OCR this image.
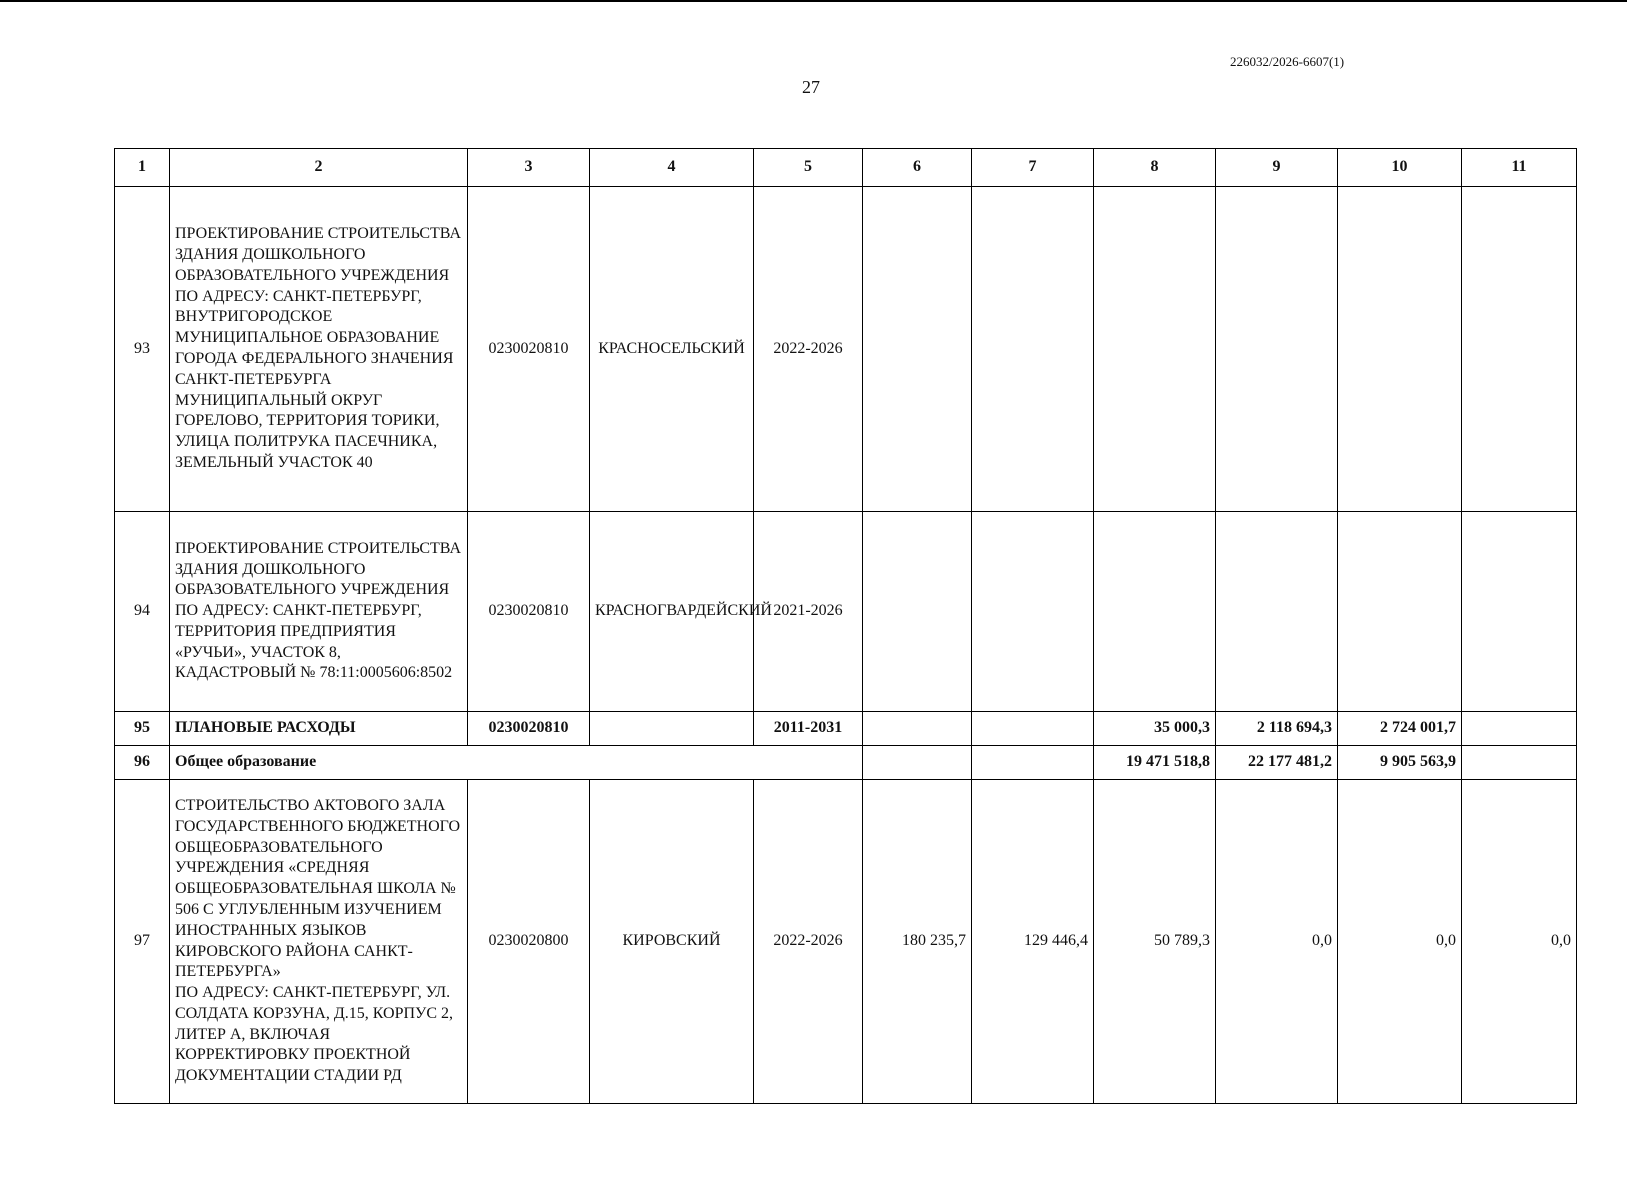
226032/2026-6607(1)
27
1	2	3	4	5	6	7	8	9	10	11
93	ПРОЕКТИРОВАНИЕ СТРОИТЕЛЬСТВА ЗДАНИЯ ДОШКОЛЬНОГО ОБРАЗОВАТЕЛЬНОГО УЧРЕЖДЕНИЯ ПО АДРЕСУ: САНКТ-ПЕТЕРБУРГ, ВНУТРИГОРОДСКОЕ МУНИЦИПАЛЬНОЕ ОБРАЗОВАНИЕ ГОРОДА ФЕДЕРАЛЬНОГО ЗНАЧЕНИЯ САНКТ-ПЕТЕРБУРГА МУНИЦИПАЛЬНЫЙ ОКРУГ ГОРЕЛОВО, ТЕРРИТОРИЯ ТОРИКИ, УЛИЦА ПОЛИТРУКА ПАСЕЧНИКА, ЗЕМЕЛЬНЫЙ УЧАСТОК 40	0230020810	КРАСНОСЕЛЬСКИЙ	2022-2026						
94	ПРОЕКТИРОВАНИЕ СТРОИТЕЛЬСТВА ЗДАНИЯ ДОШКОЛЬНОГО ОБРАЗОВАТЕЛЬНОГО УЧРЕЖДЕНИЯ ПО АДРЕСУ: САНКТ-ПЕТЕРБУРГ, ТЕРРИТОРИЯ ПРЕДПРИЯТИЯ «РУЧЬИ», УЧАСТОК 8, КАДАСТРОВЫЙ № 78:11:0005606:8502	0230020810	КРАСНОГВАРДЕЙСКИЙ	2021-2026						
95	ПЛАНОВЫЕ РАСХОДЫ	0230020810		2011-2031			35 000,3	2 118 694,3	2 724 001,7	
96	Общее образование						19 471 518,8	22 177 481,2	9 905 563,9	
97	СТРОИТЕЛЬСТВО АКТОВОГО ЗАЛА ГОСУДАРСТВЕННОГО БЮДЖЕТНОГО ОБЩЕОБРАЗОВАТЕЛЬНОГО УЧРЕЖДЕНИЯ «СРЕДНЯЯ ОБЩЕОБРАЗОВАТЕЛЬНАЯ ШКОЛА № 506 С УГЛУБЛЕННЫМ ИЗУЧЕНИЕМ ИНОСТРАННЫХ ЯЗЫКОВ КИРОВСКОГО РАЙОНА САНКТ-ПЕТЕРБУРГА»
ПО АДРЕСУ: САНКТ-ПЕТЕРБУРГ, УЛ. СОЛДАТА КОРЗУНА, Д.15, КОРПУС 2, ЛИТЕР А, ВКЛЮЧАЯ КОРРЕКТИРОВКУ ПРОЕКТНОЙ ДОКУМЕНТАЦИИ СТАДИИ РД	0230020800	КИРОВСКИЙ	2022-2026	180 235,7	129 446,4	50 789,3	0,0	0,0	0,0
